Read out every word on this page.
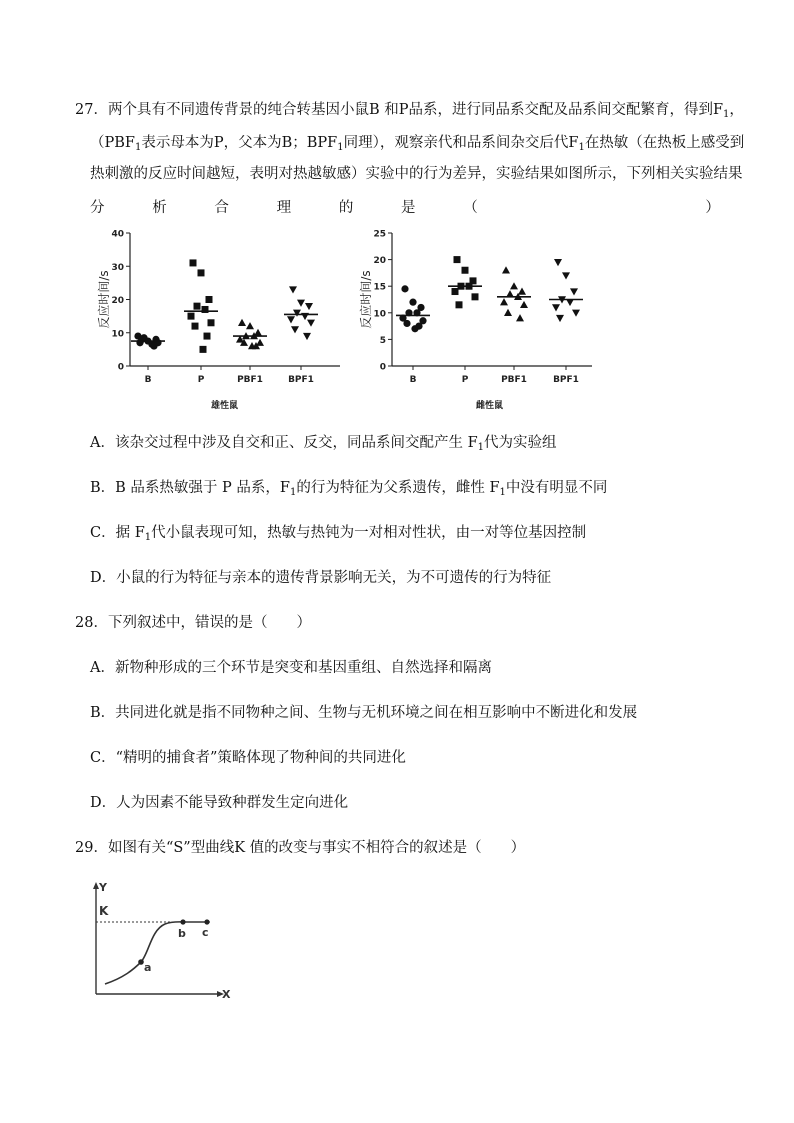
27．两个具有不同遗传背景的纯合转基因小鼠B 和P品系，进行同品系交配及品系间交配繁育，得到$F_1$，
（$PBF_1$表示母本为P，父本为B；$BPF_1$同理），观察亲代和品系间杂交后代$F_1$在热敏（在热板上感受到
热刺激的反应时间越短，表明对热越敏感）实验中的行为差异，实验结果如图所示，下列相关实验结果
分	析	合	理	的	是	（	）
0
10
20
30
40
反应时间/s
B	P	PBF1	BPF1
雄性鼠
0
5
10
15
20
25
反应时间/s
B	P	PBF1	BPF1
雌性鼠
A．该杂交过程中涉及自交和正、反交，同品系间交配产生 $F_1$代为实验组
B．B 品系热敏强于 P 品系，$F_1$的行为特征为父系遗传，雌性 $F_1$中没有明显不同
C．据 $F_1$代小鼠表现可知，热敏与热钝为一对相对性状，由一对等位基因控制
D．小鼠的行为特征与亲本的遗传背景影响无关，为不可遗传的行为特征
28．下列叙述中，错误的是（　　）
A．新物种形成的三个环节是突变和基因重组、自然选择和隔离
B．共同进化就是指不同物种之间、生物与无机环境之间在相互影响中不断进化和发展
C．“精明的捕食者”策略体现了物种间的共同进化
D．人为因素不能导致种群发生定向进化
29．如图有关“S”型曲线K 值的改变与事实不相符合的叙述是（　　）
Y
X
K
a
b c
